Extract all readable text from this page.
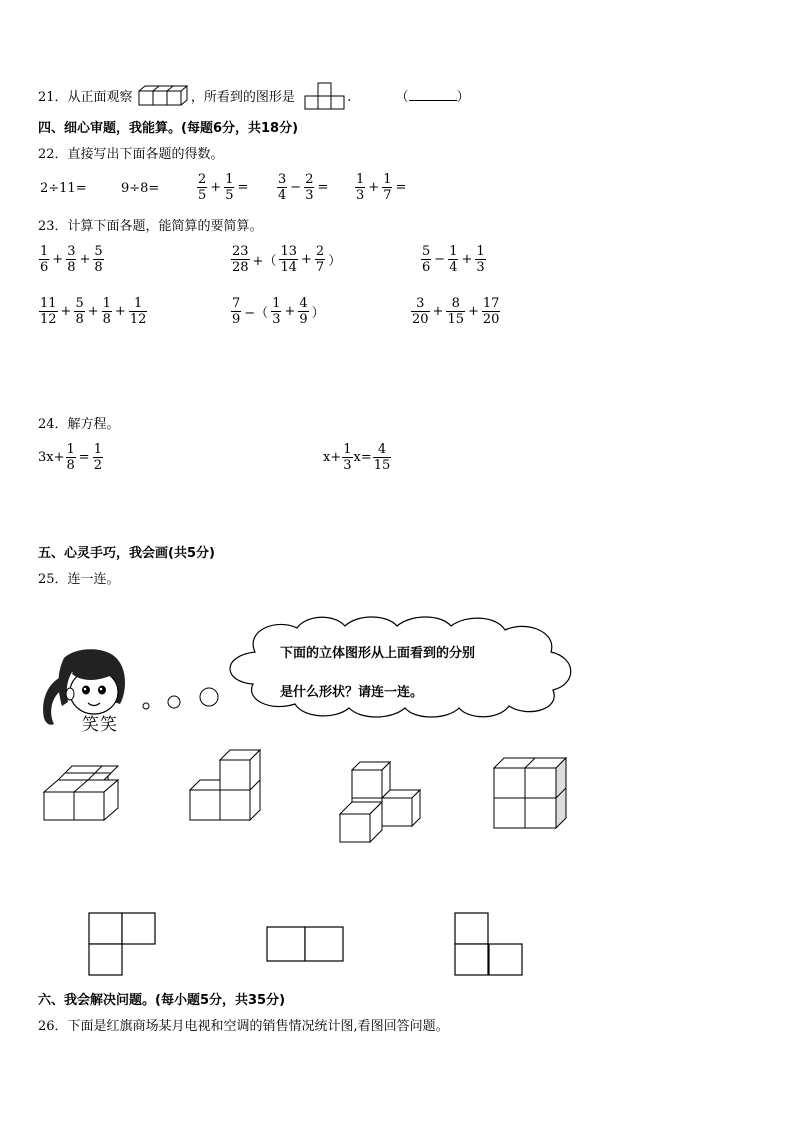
21．从正面观察	，所看到的图形是	.	（	）
四、细心审题，我能算。(每题6分，共18分)
22．直接写出下面各题的得数。
2÷11=	9÷8=	$\frac{2}{5} + \frac{1}{5} = \frac{3}{4} - \frac{2}{3} = \frac{1}{3} + \frac{1}{7}$ =
23．计算下面各题，能简算的要简算。
$\frac{1}{6} + \frac{3}{8} + \frac{5}{8}$	$\frac{23}{28}$ +（ $\frac{13}{14} + \frac{2}{7}$ ）	$\frac{5}{6} - \frac{1}{4} + \frac{1}{3}$
$\frac{11}{12} + \frac{5}{8} + \frac{1}{8} + \frac{1}{12}$	$\frac{7}{9}$ −（ $\frac{1}{3} + \frac{4}{9}$ ）	$\frac{3}{20} + \frac{8}{15} + \frac{17}{20}$
24．解方程。
$3x+ \frac{1}{8} = \frac{1}{2}$	$x+ \frac{1}{3} x= \frac{4}{15}$
五、心灵手巧，我会画(共5分)
25．连一连。
下面的立体图形从上面看到的分别
是什么形状？请连一连。
笑笑
六、我会解决问题。(每小题5分，共35分)
26．下面是红旗商场某月电视和空调的销售情况统计图,看图回答问题。
